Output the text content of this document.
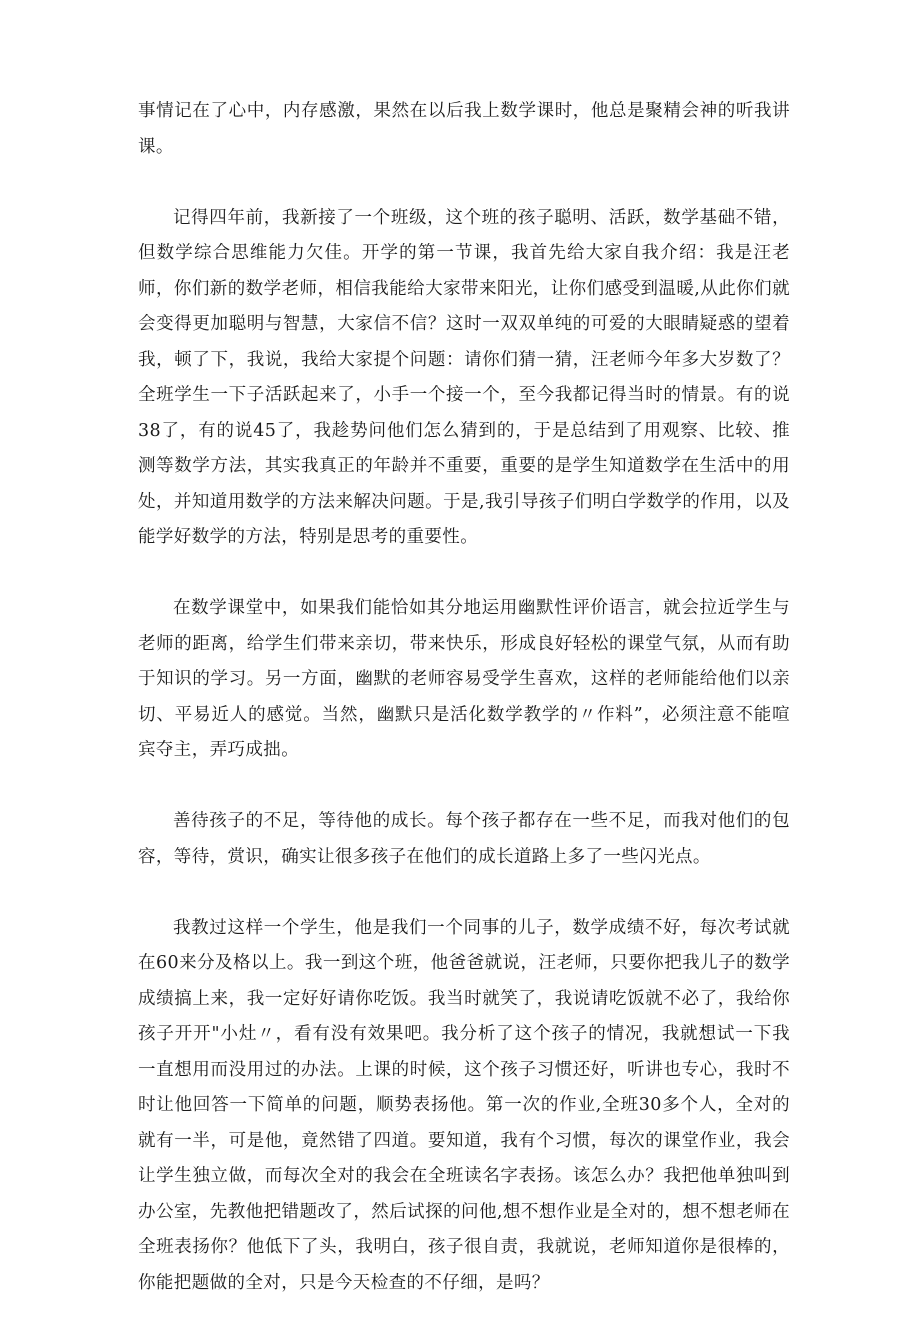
事情记在了心中，内存感激，果然在以后我上数学课时，他总是聚精会神的听我讲课。

记得四年前，我新接了一个班级，这个班的孩子聪明、活跃，数学基础不错，但数学综合思维能力欠佳。开学的第一节课，我首先给大家自我介绍：我是汪老师，你们新的数学老师，相信我能给大家带来阳光，让你们感受到温暖,从此你们就会变得更加聪明与智慧，大家信不信？这时一双双单纯的可爱的大眼睛疑惑的望着我，顿了下，我说，我给大家提个问题：请你们猜一猜，汪老师今年多大岁数了？全班学生一下子活跃起来了，小手一个接一个，至今我都记得当时的情景。有的说38了，有的说45了，我趁势问他们怎么猜到的，于是总结到了用观察、比较、推测等数学方法，其实我真正的年龄并不重要，重要的是学生知道数学在生活中的用处，并知道用数学的方法来解决问题。于是,我引导孩子们明白学数学的作用，以及能学好数学的方法，特别是思考的重要性。

在数学课堂中，如果我们能恰如其分地运用幽默性评价语言，就会拉近学生与老师的距离，给学生们带来亲切，带来快乐，形成良好轻松的课堂气氛，从而有助于知识的学习。另一方面，幽默的老师容易受学生喜欢，这样的老师能给他们以亲切、平易近人的感觉。当然，幽默只是活化数学教学的〃作料”，必须注意不能喧宾夺主，弄巧成拙。

善待孩子的不足，等待他的成长。每个孩子都存在一些不足，而我对他们的包容，等待，赏识，确实让很多孩子在他们的成长道路上多了一些闪光点。

我教过这样一个学生，他是我们一个同事的儿子，数学成绩不好，每次考试就在60来分及格以上。我一到这个班，他爸爸就说，汪老师，只要你把我儿子的数学成绩搞上来，我一定好好请你吃饭。我当时就笑了，我说请吃饭就不必了，我给你孩子开开"小灶〃，看有没有效果吧。我分析了这个孩子的情况，我就想试一下我一直想用而没用过的办法。上课的时候，这个孩子习惯还好，听讲也专心，我时不时让他回答一下简单的问题，顺势表扬他。第一次的作业,全班30多个人，全对的就有一半，可是他，竟然错了四道。要知道，我有个习惯，每次的课堂作业，我会让学生独立做，而每次全对的我会在全班读名字表扬。该怎么办？我把他单独叫到办公室，先教他把错题改了，然后试探的问他,想不想作业是全对的，想不想老师在全班表扬你？他低下了头，我明白，孩子很自责，我就说，老师知道你是很棒的，你能把题做的全对，只是今天检查的不仔细，是吗？
